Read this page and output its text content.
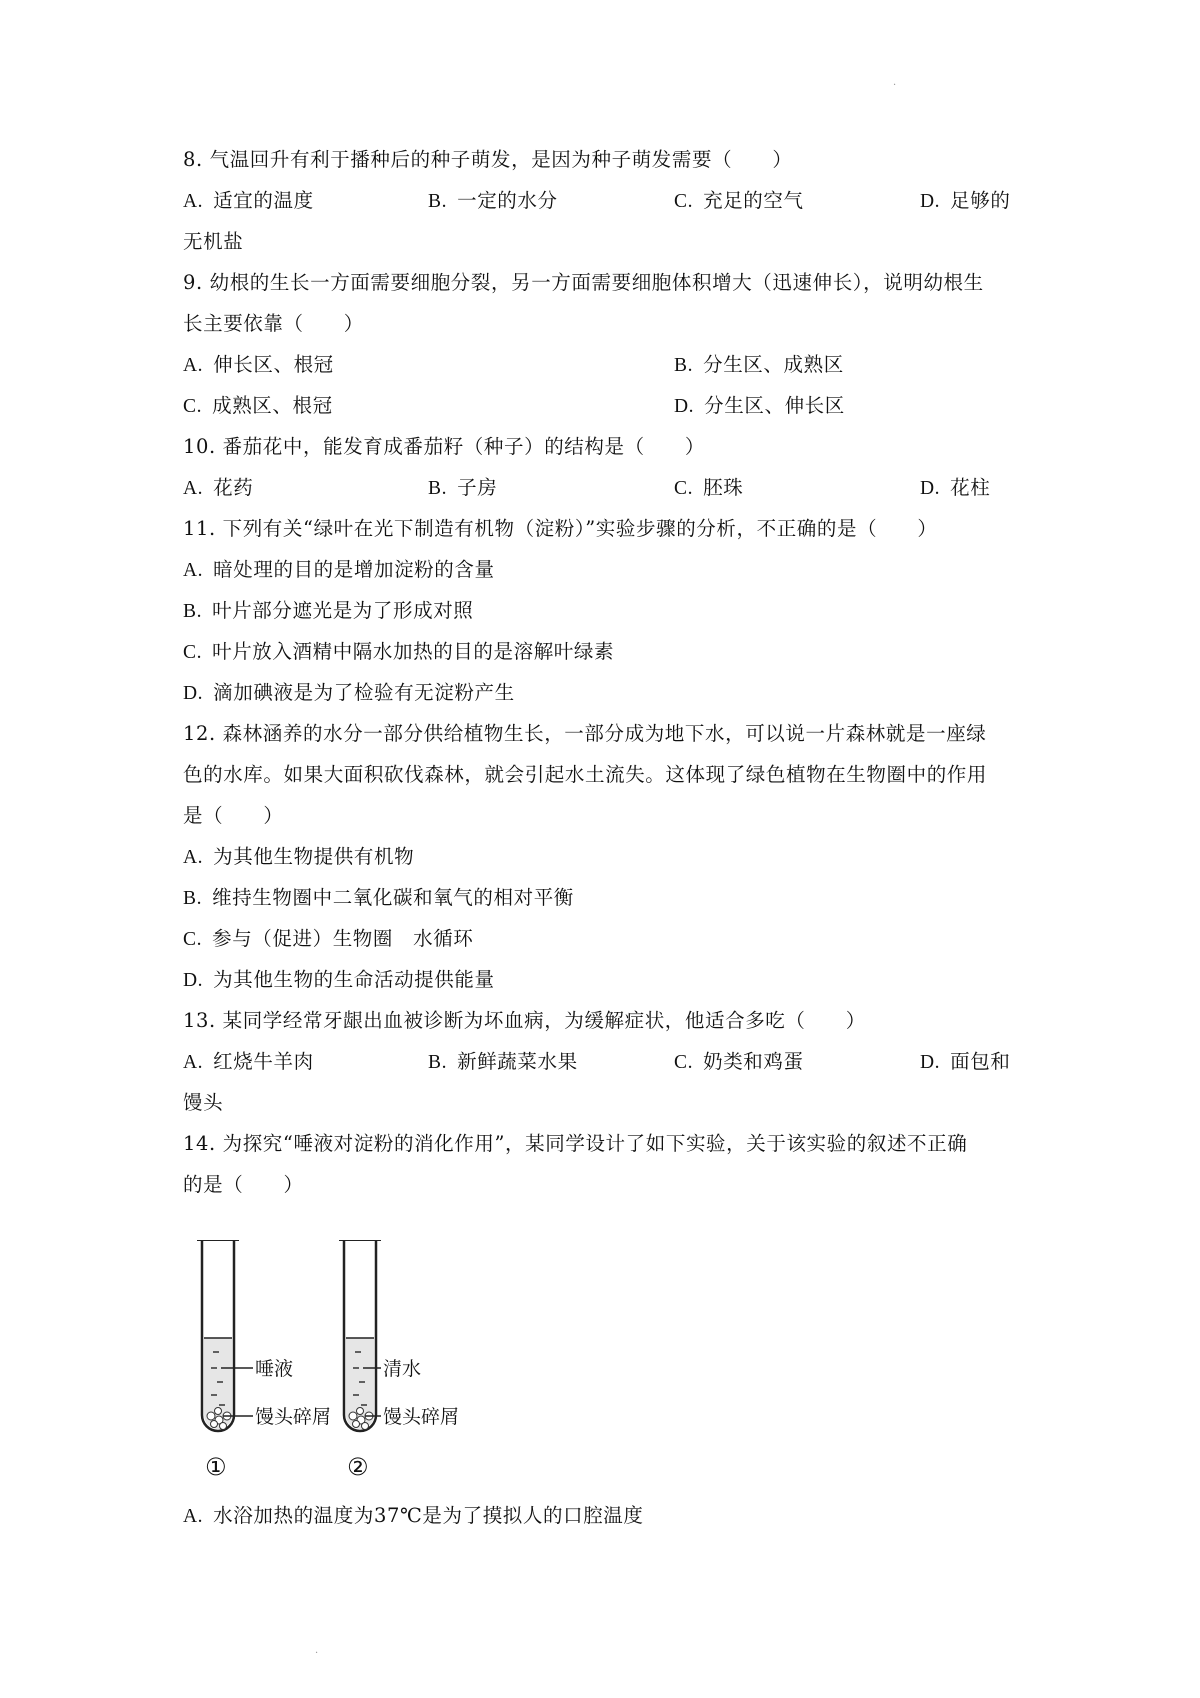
·
·
8. 气温回升有利于播种后的种子萌发，是因为种子萌发需要（　　）
A. 适宜的温度	B. 一定的水分	C. 充足的空气	D. 足够的
无机盐
9. 幼根的生长一方面需要细胞分裂，另一方面需要细胞体积增大（迅速伸长），说明幼根生
长主要依靠（　　）
A. 伸长区、根冠	B. 分生区、成熟区
C. 成熟区、根冠	D. 分生区、伸长区
10. 番茄花中，能发育成番茄籽（种子）的结构是（　　）
A. 花药	B. 子房	C. 胚珠	D. 花柱
11. 下列有关“绿叶在光下制造有机物（淀粉）”实验步骤的分析，不正确的是（　　）
A. 暗处理的目的是增加淀粉的含量
B. 叶片部分遮光是为了形成对照
C. 叶片放入酒精中隔水加热的目的是溶解叶绿素
D. 滴加碘液是为了检验有无淀粉产生
12. 森林涵养的水分一部分供给植物生长，一部分成为地下水，可以说一片森林就是一座绿
色的水库。如果大面积砍伐森林，就会引起水土流失。这体现了绿色植物在生物圈中的作用
是（　　）
A. 为其他生物提供有机物
B. 维持生物圈中二氧化碳和氧气的相对平衡
C. 参与（促进）生物圈　水循环
D. 为其他生物的生命活动提供能量
13. 某同学经常牙龈出血被诊断为坏血病，为缓解症状，他适合多吃（　　）
A. 红烧牛羊肉	B. 新鲜蔬菜水果	C. 奶类和鸡蛋	D. 面包和
馒头
14. 为探究“唾液对淀粉的消化作用”，某同学设计了如下实验，关于该实验的叙述不正确
的是（　　）
唾液
馒头碎屑
①
清水
馒头碎屑
②
A. 水浴加热的温度为37℃是为了摸拟人的口腔温度
